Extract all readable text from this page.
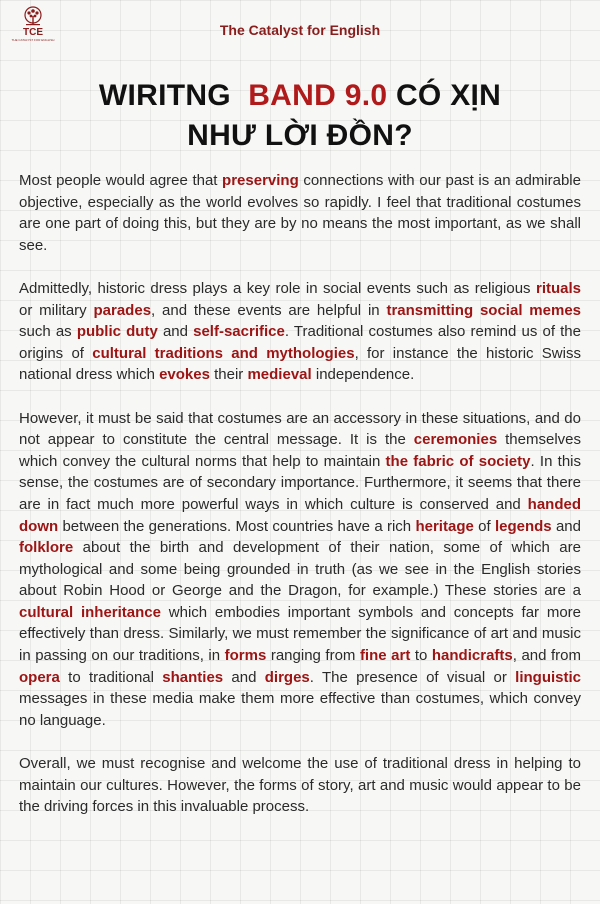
TCE
THE CATALYST FOR ENGLISH
The Catalyst for English
WIRITNG BAND 9.0 CÓ XỊN
NHƯ LỜI ĐỒN?

Most people would agree that preserving connections with our past is an admirable objective, especially as the world evolves so rapidly. I feel that traditional costumes are one part of doing this, but they are by no means the most important, as we shall see.

Admittedly, historic dress plays a key role in social events such as religious rituals or military parades, and these events are helpful in transmitting social memes such as public duty and self-sacrifice. Traditional costumes also remind us of the origins of cultural traditions and mythologies, for instance the historic Swiss national dress which evokes their medieval independence.

However, it must be said that costumes are an accessory in these situations, and do not appear to constitute the central message. It is the ceremonies themselves which convey the cultural norms that help to maintain the fabric of society. In this sense, the costumes are of secondary importance. Furthermore, it seems that there are in fact much more powerful ways in which culture is conserved and handed down between the generations. Most countries have a rich heritage of legends and folklore about the birth and development of their nation, some of which are mythological and some being grounded in truth (as we see in the English stories about Robin Hood or George and the Dragon, for example.) These stories are a cultural inheritance which embodies important symbols and concepts far more effectively than dress. Similarly, we must remember the significance of art and music in passing on our traditions, in forms ranging from fine art to handicrafts, and from opera to traditional shanties and dirges. The presence of visual or linguistic messages in these media make them more effective than costumes, which convey no language.

Overall, we must recognise and welcome the use of traditional dress in helping to maintain our cultures. However, the forms of story, art and music would appear to be the driving forces in this invaluable process.
